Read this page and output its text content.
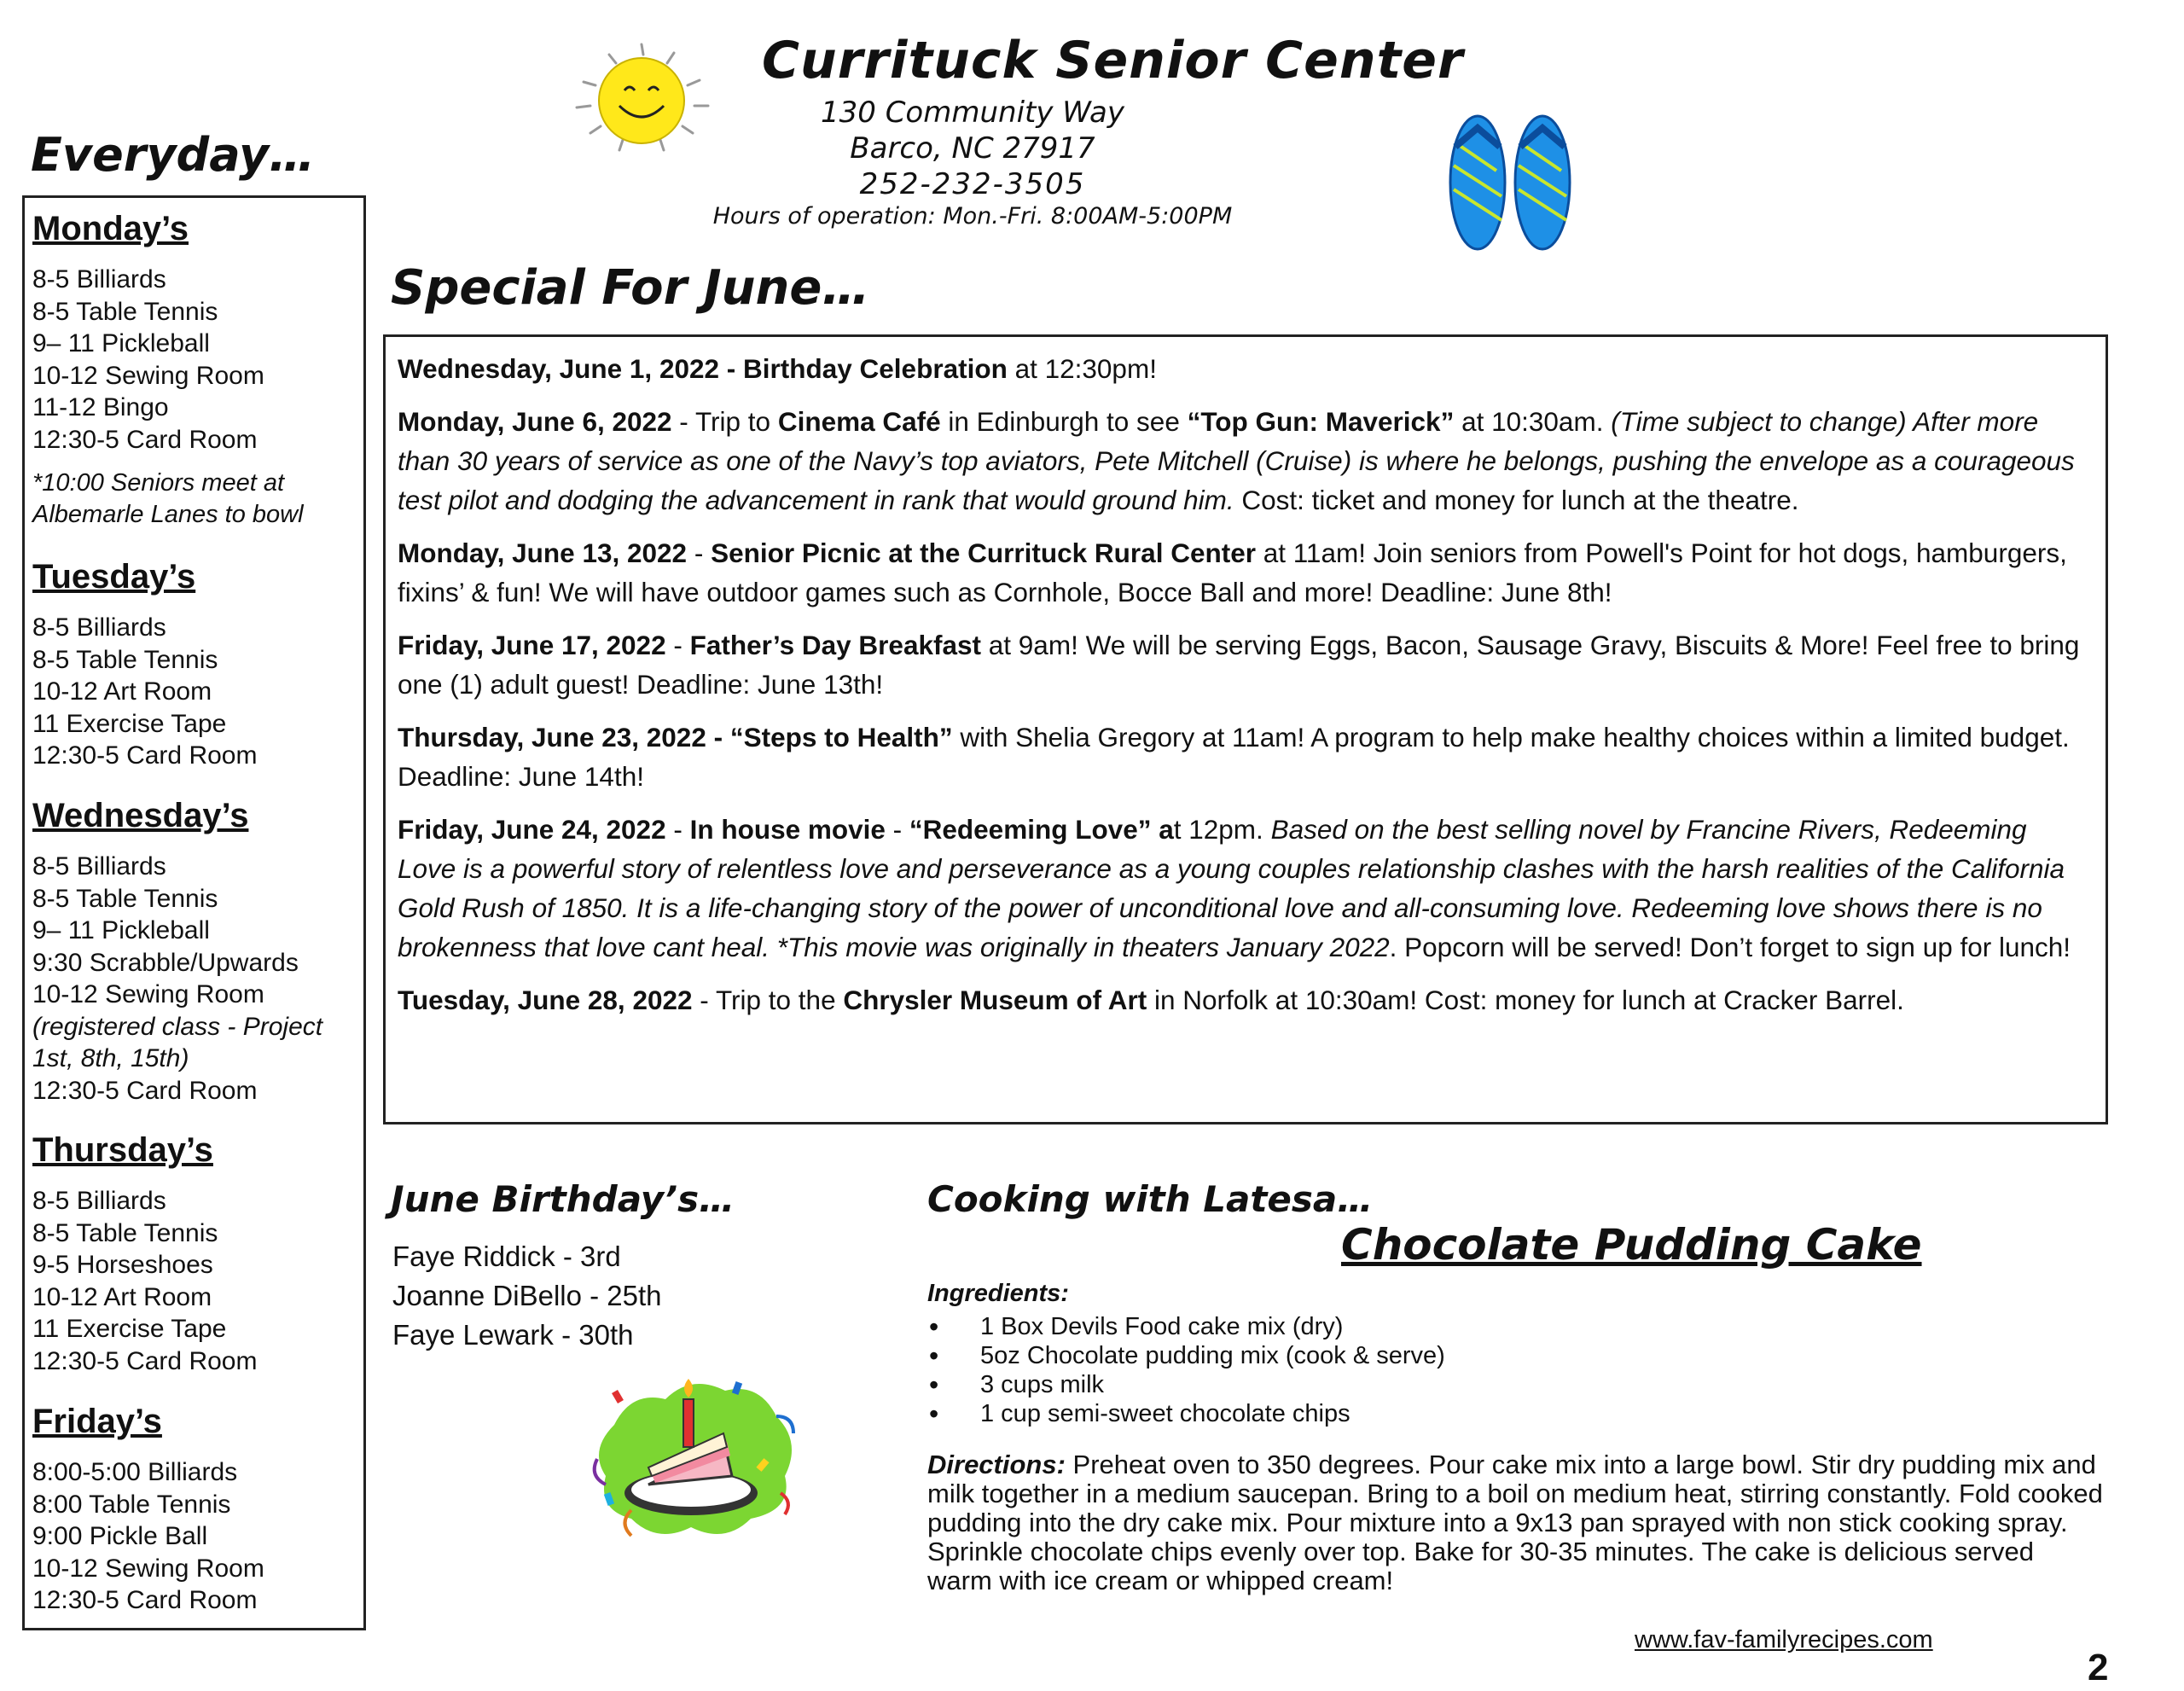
Currituck Senior Center
130 Community Way
Barco, NC 27917
252-232-3505
Hours of operation: Mon.-Fri. 8:00AM-5:00PM
Everyday…
Monday’s
8-5 Billiards
8-5 Table Tennis
9– 11 Pickleball
10-12 Sewing Room
11-12 Bingo
12:30-5 Card Room
*10:00 Seniors meet at
Albemarle Lanes to bowl
Tuesday’s
8-5 Billiards
8-5 Table Tennis
10-12 Art Room
11 Exercise Tape
12:30-5 Card Room
Wednesday’s
8-5 Billiards
8-5 Table Tennis
9– 11 Pickleball
9:30 Scrabble/Upwards
10-12 Sewing Room
(registered class - Project
1st, 8th, 15th)
12:30-5 Card Room
Thursday’s
8-5 Billiards
8-5 Table Tennis
9-5 Horseshoes
10-12 Art Room
11 Exercise Tape
12:30-5 Card Room
Friday’s
8:00-5:00 Billiards
8:00 Table Tennis
9:00 Pickle Ball
10-12 Sewing Room
12:30-5 Card Room
Special For June…
Wednesday, June 1, 2022 - Birthday Celebration at 12:30pm!
Monday, June 6, 2022 - Trip to Cinema Café in Edinburgh to see “Top Gun: Maverick” at 10:30am. (Time subject to change) After more than 30 years of service as one of the Navy’s top aviators, Pete Mitchell (Cruise) is where he belongs, pushing the envelope as a courageous test pilot and dodging the advancement in rank that would ground him. Cost: ticket and money for lunch at the theatre.
Monday, June 13, 2022 - Senior Picnic at the Currituck Rural Center at 11am! Join seniors from Powell's Point for hot dogs, hamburgers, fixins’ & fun! We will have outdoor games such as Cornhole, Bocce Ball and more! Deadline: June 8th!
Friday, June 17, 2022 - Father’s Day Breakfast at 9am! We will be serving Eggs, Bacon, Sausage Gravy, Biscuits & More! Feel free to bring one (1) adult guest! Deadline: June 13th!
Thursday, June 23, 2022 - “Steps to Health” with Shelia Gregory at 11am! A program to help make healthy choices within a limited budget. Deadline: June 14th!
Friday, June 24, 2022 - In house movie - “Redeeming Love” at 12pm. Based on the best selling novel by Francine Rivers, Redeeming Love is a powerful story of relentless love and perseverance as a young couples relationship clashes with the harsh realities of the California Gold Rush of 1850. It is a life-changing story of the power of unconditional love and all-consuming love. Redeeming love shows there is no brokenness that love cant heal. *This movie was originally in theaters January 2022. Popcorn will be served! Don’t forget to sign up for lunch!
Tuesday, June 28, 2022 - Trip to the Chrysler Museum of Art in Norfolk at 10:30am! Cost: money for lunch at Cracker Barrel.
June Birthday’s…
Faye Riddick - 3rd
Joanne DiBello - 25th
Faye Lewark - 30th
Cooking with Latesa…
Chocolate Pudding Cake
Ingredients:
• 1 Box Devils Food cake mix (dry)
• 5oz Chocolate pudding mix (cook & serve)
• 3 cups milk
• 1 cup semi-sweet chocolate chips
Directions: Preheat oven to 350 degrees. Pour cake mix into a large bowl. Stir dry pudding mix and milk together in a medium saucepan. Bring to a boil on medium heat, stirring constantly. Fold cooked pudding into the dry cake mix. Pour mixture into a 9x13 pan sprayed with non stick cooking spray. Sprinkle chocolate chips evenly over top. Bake for 30-35 minutes. The cake is delicious served warm with ice cream or whipped cream!
www.fav-familyrecipes.com
2
